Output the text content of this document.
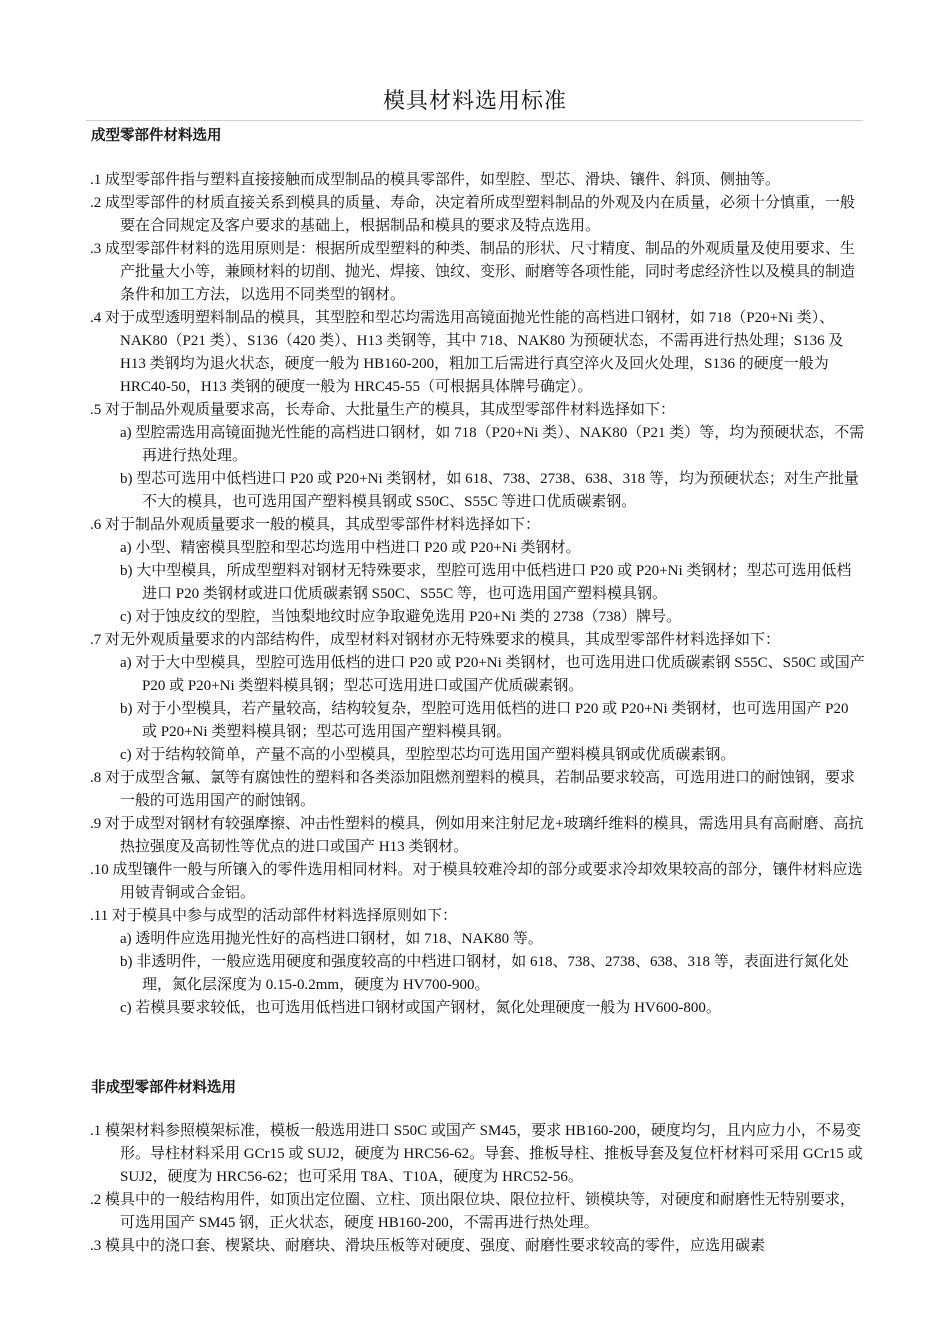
模具材料选用标准
成型零部件材料选用
.1 成型零部件指与塑料直接接触而成型制品的模具零部件，如型腔、型芯、滑块、镶件、斜顶、侧抽等。
.2 成型零部件的材质直接关系到模具的质量、寿命，决定着所成型塑料制品的外观及内在质量，必须十分慎重，一般要在合同规定及客户要求的基础上，根据制品和模具的要求及特点选用。
.3 成型零部件材料的选用原则是：根据所成型塑料的种类、制品的形状、尺寸精度、制品的外观质量及使用要求、生产批量大小等，兼顾材料的切削、抛光、焊接、蚀纹、变形、耐磨等各项性能，同时考虑经济性以及模具的制造条件和加工方法，以选用不同类型的钢材。
.4 对于成型透明塑料制品的模具，其型腔和型芯均需选用高镜面抛光性能的高档进口钢材，如 718（P20+Ni 类）、NAK80（P21 类）、S136（420 类）、H13 类钢等，其中 718、NAK80 为预硬状态，不需再进行热处理；S136 及 H13 类钢均为退火状态，硬度一般为 HB160-200，粗加工后需进行真空淬火及回火处理，S136 的硬度一般为 HRC40-50，H13 类钢的硬度一般为 HRC45-55（可根据具体牌号确定）。
.5 对于制品外观质量要求高，长寿命、大批量生产的模具，其成型零部件材料选择如下：
a) 型腔需选用高镜面抛光性能的高档进口钢材，如 718（P20+Ni 类）、NAK80（P21 类）等，均为预硬状态，不需再进行热处理。
b) 型芯可选用中低档进口 P20 或 P20+Ni 类钢材，如 618、738、2738、638、318 等，均为预硬状态；对生产批量不大的模具，也可选用国产塑料模具钢或 S50C、S55C 等进口优质碳素钢。
.6 对于制品外观质量要求一般的模具，其成型零部件材料选择如下：
a) 小型、精密模具型腔和型芯均选用中档进口 P20 或 P20+Ni 类钢材。
b) 大中型模具，所成型塑料对钢材无特殊要求，型腔可选用中低档进口 P20 或 P20+Ni 类钢材；型芯可选用低档进口 P20 类钢材或进口优质碳素钢 S50C、S55C 等，也可选用国产塑料模具钢。
c) 对于蚀皮纹的型腔，当蚀梨地纹时应争取避免选用 P20+Ni 类的 2738（738）牌号。
.7 对无外观质量要求的内部结构件，成型材料对钢材亦无特殊要求的模具，其成型零部件材料选择如下：
a) 对于大中型模具，型腔可选用低档的进口 P20 或 P20+Ni 类钢材，也可选用进口优质碳素钢 S55C、S50C 或国产 P20 或 P20+Ni 类塑料模具钢；型芯可选用进口或国产优质碳素钢。
b) 对于小型模具，若产量较高，结构较复杂，型腔可选用低档的进口 P20 或 P20+Ni 类钢材，也可选用国产 P20 或 P20+Ni 类塑料模具钢；型芯可选用国产塑料模具钢。
c) 对于结构较简单，产量不高的小型模具，型腔型芯均可选用国产塑料模具钢或优质碳素钢。
.8 对于成型含氟、氯等有腐蚀性的塑料和各类添加阻燃剂塑料的模具，若制品要求较高，可选用进口的耐蚀钢，要求一般的可选用国产的耐蚀钢。
.9 对于成型对钢材有较强摩擦、冲击性塑料的模具，例如用来注射尼龙+玻璃纤维料的模具，需选用具有高耐磨、高抗热拉强度及高韧性等优点的进口或国产 H13 类钢材。
.10 成型镶件一般与所镶入的零件选用相同材料。对于模具较难冷却的部分或要求冷却效果较高的部分，镶件材料应选用铍青铜或合金铝。
.11 对于模具中参与成型的活动部件材料选择原则如下：
a) 透明件应选用抛光性好的高档进口钢材，如 718、NAK80 等。
b) 非透明件，一般应选用硬度和强度较高的中档进口钢材，如 618、738、2738、638、318 等，表面进行氮化处理，氮化层深度为 0.15-0.2mm，硬度为 HV700-900。
c) 若模具要求较低，也可选用低档进口钢材或国产钢材，氮化处理硬度一般为 HV600-800。
非成型零部件材料选用
.1 模架材料参照模架标准，模板一般选用进口 S50C 或国产 SM45，要求 HB160-200，硬度均匀，且内应力小，不易变形。导柱材料采用 GCr15 或 SUJ2，硬度为 HRC56-62。导套、推板导柱、推板导套及复位杆材料可采用 GCr15 或 SUJ2，硬度为 HRC56-62；也可采用 T8A、T10A，硬度为 HRC52-56。
.2 模具中的一般结构用件，如顶出定位圈、立柱、顶出限位块、限位拉杆、锁模块等，对硬度和耐磨性无特别要求，可选用国产 SM45 钢，正火状态，硬度 HB160-200，不需再进行热处理。
.3 模具中的浇口套、楔紧块、耐磨块、滑块压板等对硬度、强度、耐磨性要求较高的零件，应选用碳素
